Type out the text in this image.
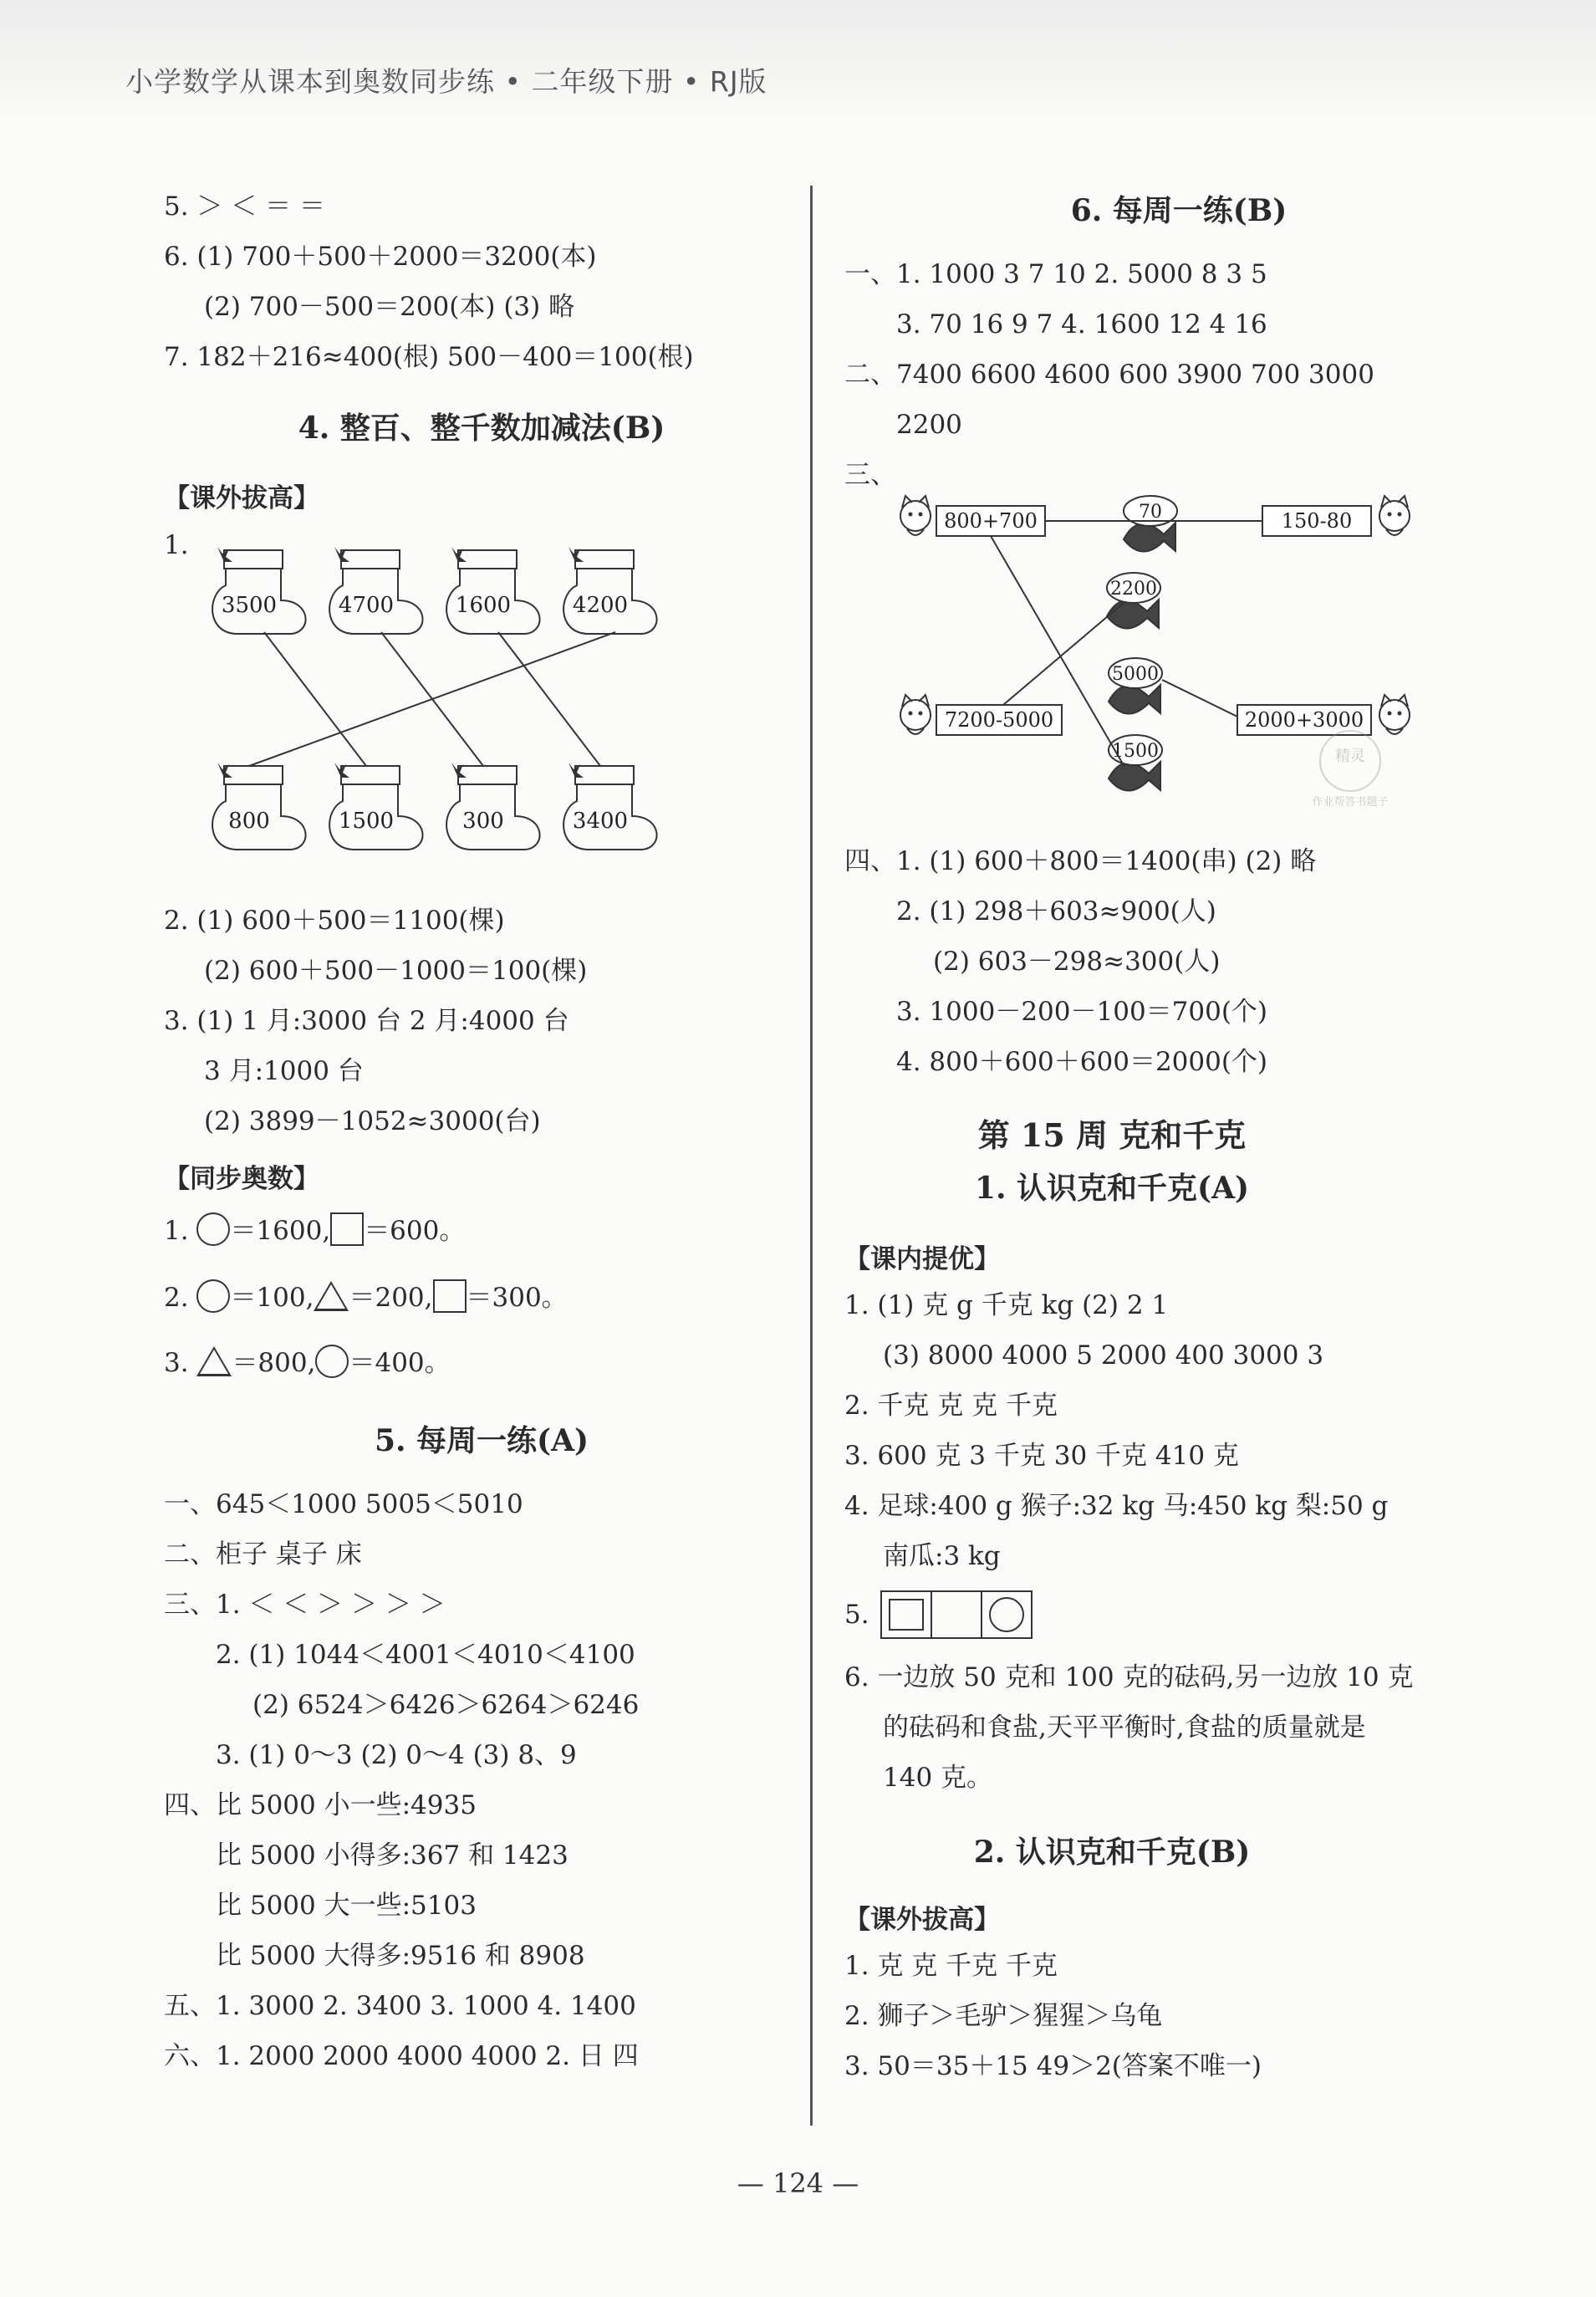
小学数学从课本到奥数同步练 • 二年级下册 • RJ版
5. ＞ ＜ ＝ ＝
6. (1) 700＋500＋2000＝3200(本)
(2) 700－500＝200(本) (3) 略
7. 182＋216≈400(根) 500－400＝100(根)
4. 整百、整千数加减法(B)
【课外拔高】
1.
3500	4700	1600	4200
800	1500	300	3400
2. (1) 600＋500＝1100(棵)
(2) 600＋500－1000＝100(棵)
3. (1) 1 月:3000 台 2 月:4000 台
3 月:1000 台
(2) 3899－1052≈3000(台)
【同步奥数】
1. ＝1600, ＝600。
2. ＝100, ＝200, ＝300。
3. ＝800, ＝400。
5. 每周一练(A)
一、645＜1000 5005＜5010
二、柜子 桌子 床
三、1. ＜ ＜ ＞ ＞ ＞ ＞
2. (1) 1044＜4001＜4010＜4100
(2) 6524＞6426＞6264＞6246
3. (1) 0～3 (2) 0～4 (3) 8、9
四、比 5000 小一些:4935
比 5000 小得多:367 和 1423
比 5000 大一些:5103
比 5000 大得多:9516 和 8908
五、1. 3000 2. 3400 3. 1000 4. 1400
六、1. 2000 2000 4000 4000 2. 日 四
6. 每周一练(B)
一、1. 1000 3 7 10 2. 5000 8 3 5
3. 70 16 9 7 4. 1600 12 4 16
二、7400 6600 4600 600 3900 700 3000
2200
三、
800+700	150-80
7200-5000	2000+3000
70
2200
5000
1500	精灵
作业帮答书题子
四、1. (1) 600＋800＝1400(串) (2) 略
2. (1) 298＋603≈900(人)
(2) 603－298≈300(人)
3. 1000－200－100＝700(个)
4. 800＋600＋600＝2000(个)
第 15 周 克和千克
1. 认识克和千克(A)
【课内提优】
1. (1) 克 g 千克 kg (2) 2 1
(3) 8000 4000 5 2000 400 3000 3
2. 千克 克 克 千克
3. 600 克 3 千克 30 千克 410 克
4. 足球:400 g 猴子:32 kg 马:450 kg 梨:50 g
南瓜:3 kg
5.
6. 一边放 50 克和 100 克的砝码,另一边放 10 克
的砝码和食盐,天平平衡时,食盐的质量就是
140 克。
2. 认识克和千克(B)
【课外拔高】
1. 克 克 千克 千克
2. 狮子＞毛驴＞猩猩＞乌龟
3. 50＝35＋15 49＞2(答案不唯一)
— 124 —
